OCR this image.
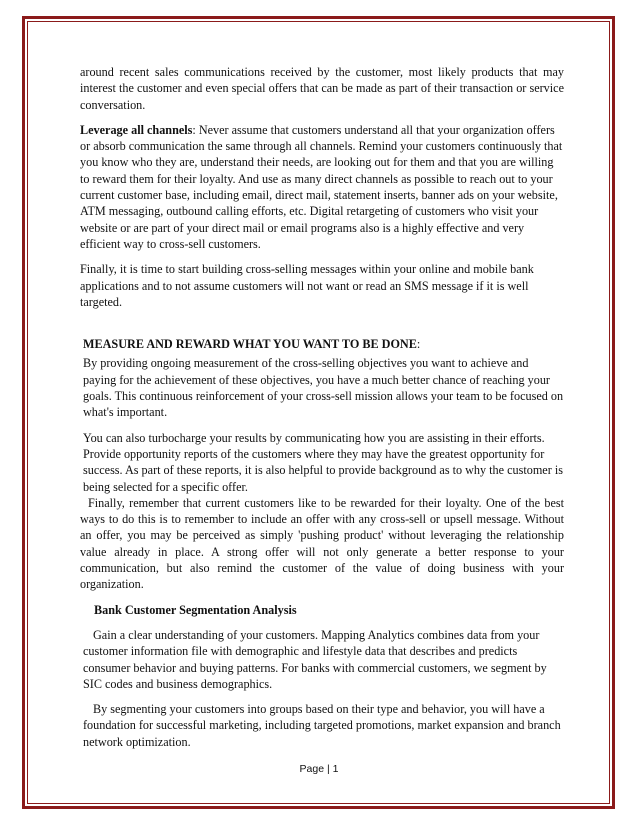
around recent sales communications received by the customer, most likely products that may interest the customer and even special offers that can be made as part of their transaction or service conversation.

Leverage all channels: Never assume that customers understand all that your organization offers or absorb communication the same through all channels. Remind your customers continuously that you know who they are, understand their needs, are looking out for them and that you are willing to reward them for their loyalty. And use as many direct channels as possible to reach out to your current customer base, including email, direct mail, statement inserts, banner ads on your website, ATM messaging, outbound calling efforts, etc. Digital retargeting of customers who visit your website or are part of your direct mail or email programs also is a highly effective and very efficient way to cross-sell customers.

Finally, it is time to start building cross-selling messages within your online and mobile bank applications and to not assume customers will not want or read an SMS message if it is well targeted.

MEASURE AND REWARD WHAT YOU WANT TO BE DONE:

By providing ongoing measurement of the cross-selling objectives you want to achieve and paying for the achievement of these objectives, you have a much better chance of reaching your goals. This continuous reinforcement of your cross-sell mission allows your team to be focused on what's important.

You can also turbocharge your results by communicating how you are assisting in their efforts. Provide opportunity reports of the customers where they may have the greatest opportunity for success. As part of these reports, it is also helpful to provide background as to why the customer is being selected for a specific offer.

Finally, remember that current customers like to be rewarded for their loyalty. One of the best ways to do this is to remember to include an offer with any cross-sell or upsell message. Without an offer, you may be perceived as simply 'pushing product' without leveraging the relationship value already in place. A strong offer will not only generate a better response to your communication, but also remind the customer of the value of doing business with your organization.

Bank Customer Segmentation Analysis

Gain a clear understanding of your customers. Mapping Analytics combines data from your customer information file with demographic and lifestyle data that describes and predicts consumer behavior and buying patterns. For banks with commercial customers, we segment by SIC codes and business demographics.

By segmenting your customers into groups based on their type and behavior, you will have a foundation for successful marketing, including targeted promotions, market expansion and branch network optimization.

Page | 1
